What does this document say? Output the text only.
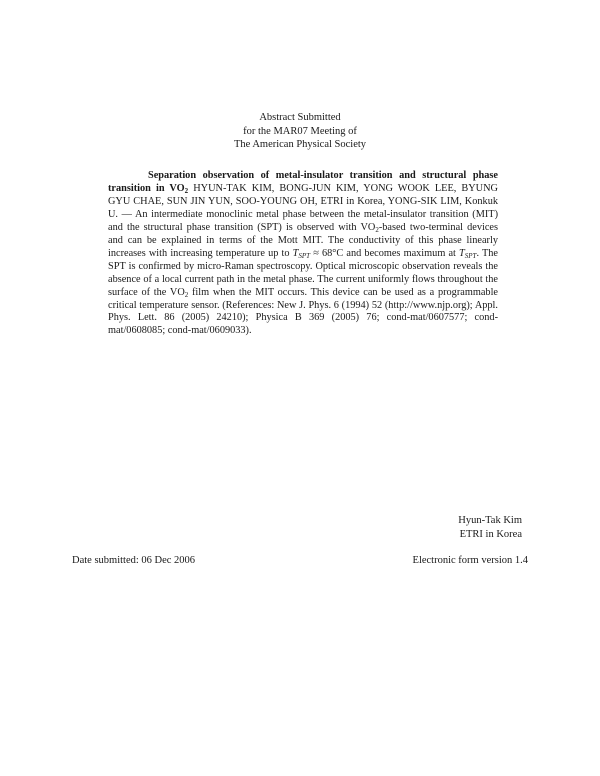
Abstract Submitted
for the MAR07 Meeting of
The American Physical Society
Separation observation of metal-insulator transition and structural phase transition in $VO_2$ HYUN-TAK KIM, BONG-JUN KIM, YONG WOOK LEE, BYUNG GYU CHAE, SUN JIN YUN, SOO-YOUNG OH, ETRI in Korea, YONG-SIK LIM, Konkuk U. — An intermediate monoclinic metal phase between the metal-insulator transition (MIT) and the structural phase transition (SPT) is observed with $VO_2$-based two-terminal devices and can be explained in terms of the Mott MIT. The conductivity of this phase linearly increases with increasing temperature up to $T_{SPT} \approx 68^\circ C$ and becomes maximum at $T_{SPT}$. The SPT is confirmed by micro-Raman spectroscopy. Optical microscopic observation reveals the absence of a local current path in the metal phase. The current uniformly flows throughout the surface of the $VO_2$ film when the MIT occurs. This device can be used as a programmable critical temperature sensor. (References: New J. Phys. 6 (1994) 52 (http://www.njp.org); Appl. Phys. Lett. 86 (2005) 24210); Physica B 369 (2005) 76; cond-mat/0607577; cond-mat/0608085; cond-mat/0609033).
Hyun-Tak Kim
ETRI in Korea
Date submitted: 06 Dec 2006	Electronic form version 1.4
